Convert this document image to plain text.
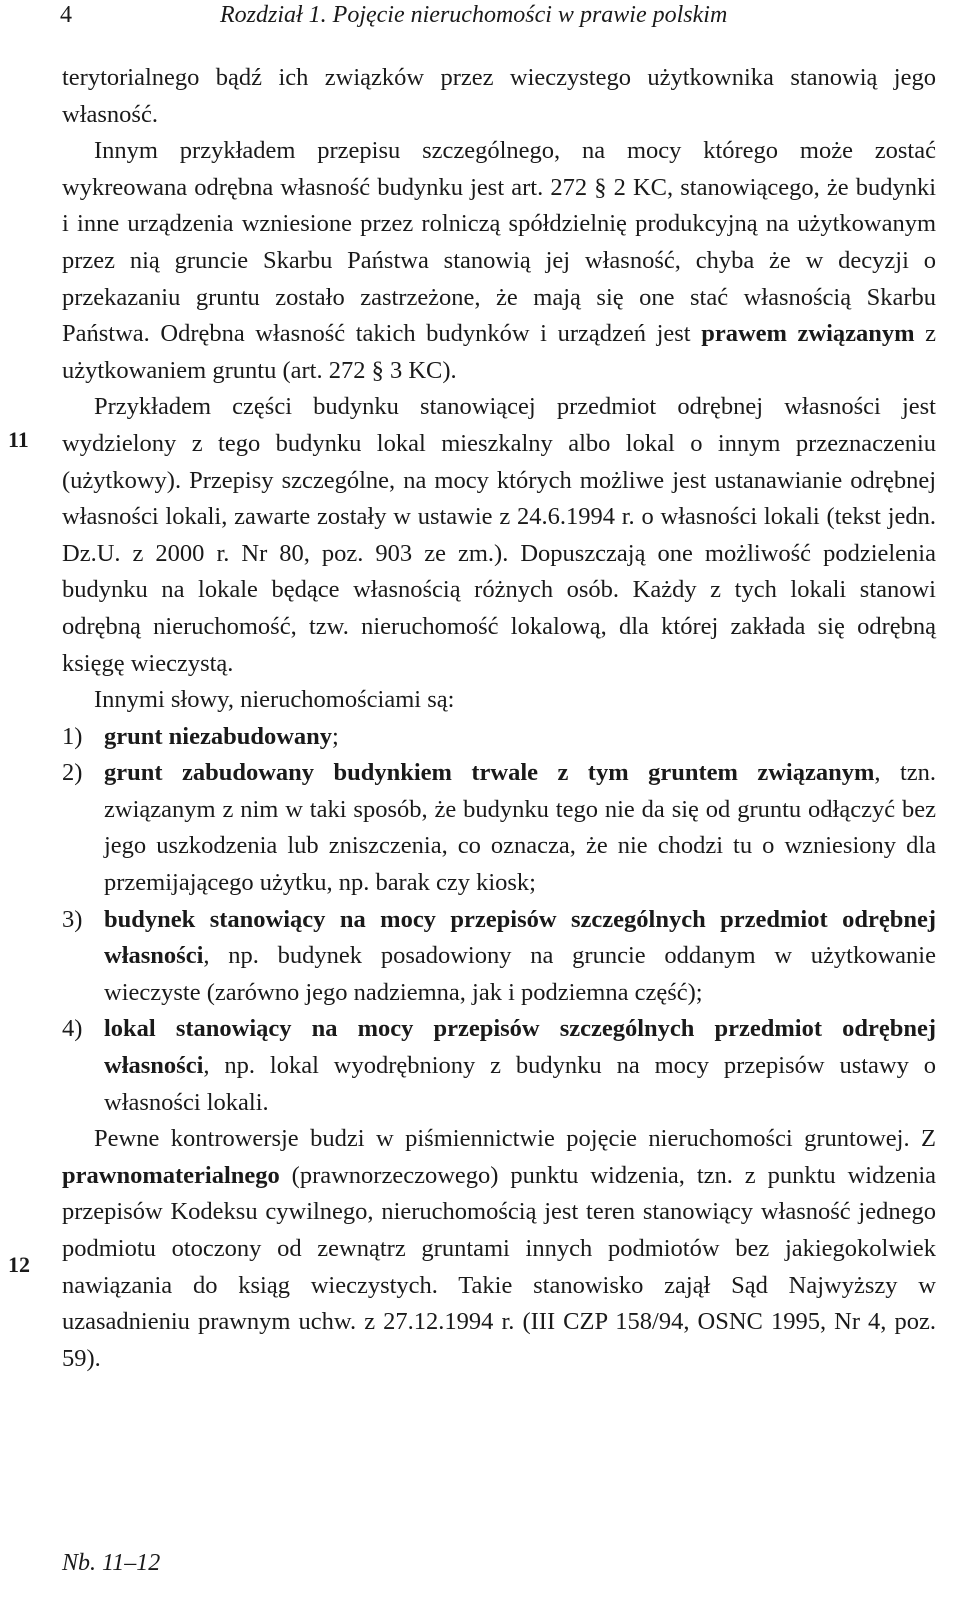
4	Rozdział 1. Pojęcie nieruchomości w prawie polskim
11
12

terytorialnego bądź ich związków przez wieczystego użytkownika stanowią jego własność.

Innym przykładem przepisu szczególnego, na mocy którego może zostać wykreowana odrębna własność budynku jest art. 272 § 2 KC, stanowiącego, że budynki i inne urządzenia wzniesione przez rolniczą spółdzielnię produkcyjną na użytkowanym przez nią gruncie Skarbu Państwa stanowią jej własność, chyba że w decyzji o przekazaniu gruntu zostało zastrzeżone, że mają się one stać własnością Skarbu Państwa. Odrębna własność takich budynków i urządzeń jest prawem związanym z użytkowaniem gruntu (art. 272 § 3 KC).

Przykładem części budynku stanowiącej przedmiot odrębnej własności jest wydzielony z tego budynku lokal mieszkalny albo lokal o innym przeznaczeniu (użytkowy). Przepisy szczególne, na mocy których możliwe jest ustanawianie odrębnej własności lokali, zawarte zostały w ustawie z 24.6.1994 r. o własności lokali (tekst jedn. Dz.U. z 2000 r. Nr 80, poz. 903 ze zm.). Dopuszczają one możliwość podzielenia budynku na lokale będące własnością różnych osób. Każdy z tych lokali stanowi odrębną nieruchomość, tzw. nieruchomość lokalową, dla której zakłada się odrębną księgę wieczystą.

Innymi słowy, nieruchomościami są:

1) grunt niezabudowany;
2) grunt zabudowany budynkiem trwale z tym gruntem związanym, tzn. związanym z nim w taki sposób, że budynku tego nie da się od gruntu odłączyć bez jego uszkodzenia lub zniszczenia, co oznacza, że nie chodzi tu o wzniesiony dla przemijającego użytku, np. barak czy kiosk;
3) budynek stanowiący na mocy przepisów szczególnych przedmiot odrębnej własności, np. budynek posadowiony na gruncie oddanym w użytkowanie wieczyste (zarówno jego nadziemna, jak i podziemna część);
4) lokal stanowiący na mocy przepisów szczególnych przedmiot odrębnej własności, np. lokal wyodrębniony z budynku na mocy przepisów ustawy o własności lokali.

Pewne kontrowersje budzi w piśmiennictwie pojęcie nieruchomości gruntowej. Z prawnomaterialnego (prawnorzeczowego) punktu widzenia, tzn. z punktu widzenia przepisów Kodeksu cywilnego, nieruchomością jest teren stanowiący własność jednego podmiotu otoczony od zewnątrz gruntami innych podmiotów bez jakiegokolwiek nawiązania do ksiąg wieczystych. Takie stanowisko zajął Sąd Najwyższy w uzasadnieniu prawnym uchw. z 27.12.1994 r. (III CZP 158/94, OSNC 1995, Nr 4, poz. 59).

Nb. 11–12
